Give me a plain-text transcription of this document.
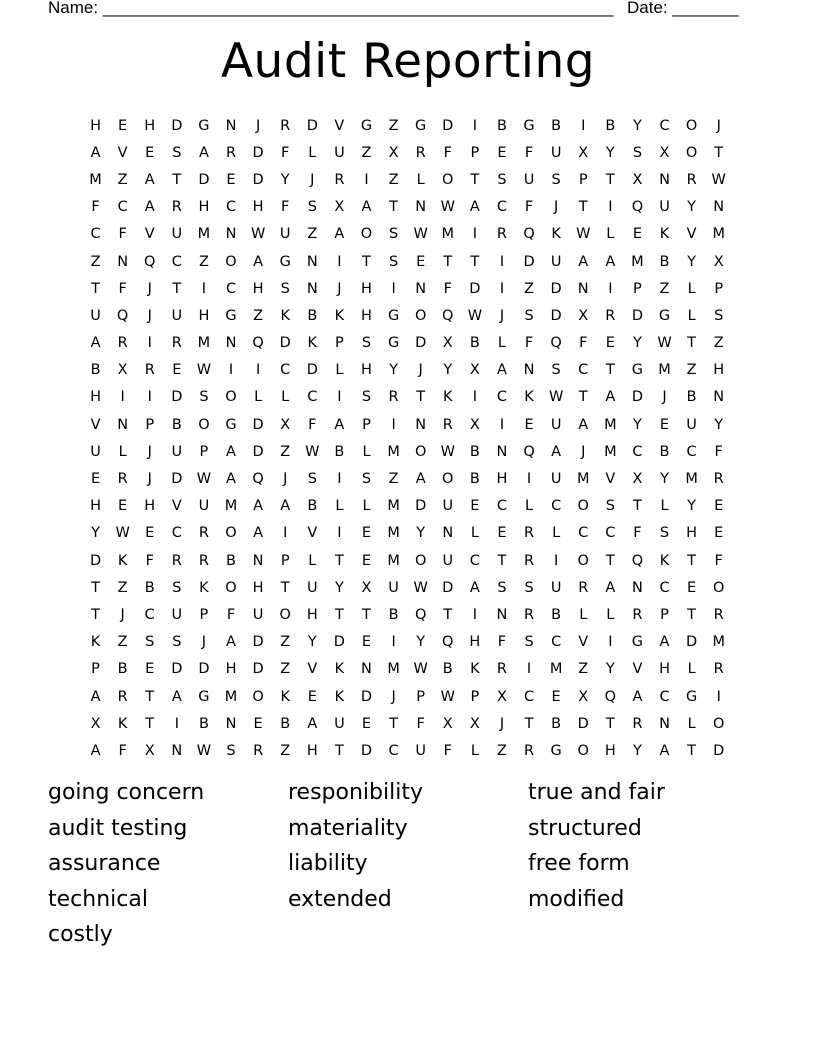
Name: ______________________________________________________ Date: _______
Audit Reporting
H	E	H	D	G	N	J	R	D	V	G	Z	G	D	I	B	G	B	I	B	Y	C	O	J
A	V	E	S	A	R	D	F	L	U	Z	X	R	F	P	E	F	U	X	Y	S	X	O	T
M	Z	A	T	D	E	D	Y	J	R	I	Z	L	O	T	S	U	S	P	T	X	N	R	W
F	C	A	R	H	C	H	F	S	X	A	T	N	W	A	C	F	J	T	I	Q	U	Y	N
C	F	V	U	M	N	W	U	Z	A	O	S	W M	I	R	Q	K	W	L	E	K	V	M
Z	N	Q	C	Z	O	A	G	N	I	T	S	E	T	T	I	D	U	A	A	M	B	Y	X
T	F	J	T	I	C	H	S	N	J	H	I	N	F	D	I	Z	D	N	I	P	Z	L	P
U	Q	J	U	H	G	Z	K	B	K	H	G	O	Q W	J	S	D	X	R	D	G	L	S
A	R	I	R	M	N	Q	D	K	P	S	G	D	X	B	L	F	Q	F	E	Y	W	T	Z
B	X	R	E	W	I	I	C	D	L	H	Y	J	Y	X	A	N	S	C	T	G	M	Z	H
H	I	I	D	S	O	L	L	C	I	S	R	T	K	I	C	K	W	T	A	D	J	B	N
V	N	P	B	O	G	D	X	F	A	P	I	N	R	X	I	E	U	A	M	Y	E	U	Y
U	L	J	U	P	A	D	Z	W	B	L	M	O W	B	N	Q	A	J	M	C	B	C	F
E	R	J	D W	A	Q	J	S	I	S	Z	A	O	B	H	I	U	M	V	X	Y	M	R
H	E	H	V	U	M	A	A	B	L	L	M	D	U	E	C	L	C	O	S	T	L	Y	E
Y	W	E	C	R	O	A	I	V	I	E	M	Y	N	L	E	R	L	C	C	F	S	H	E
D	K	F	R	R	B	N	P	L	T	E	M	O	U	C	T	R	I	O	T	Q	K	T	F
T	Z	B	S	K	O	H	T	U	Y	X	U	W D	A	S	S	U	R	A	N	C	E	O
T	J	C	U	P	F	U	O	H	T	T	B	Q	T	I	N	R	B	L	L	R	P	T	R
K	Z	S	S	J	A	D	Z	Y	D	E	I	Y	Q	H	F	S	C	V	I	G	A	D	M
P	B	E	D	D	H	D	Z	V	K	N	M W	B	K	R	I	M	Z	Y	V	H	L	R
A	R	T	A	G	M	O	K	E	K	D	J	P	W	P	X	C	E	X	Q	A	C	G	I
X	K	T	I	B	N	E	B	A	U	E	T	F	X	X	J	T	B	D	T	R	N	L	O
A	F	X	N	W	S	R	Z	H	T	D	C	U	F	L	Z	R	G	O	H	Y	A	T	D
going concern	responibility	true and fair
audit testing	materiality	structured
assurance	liability	free form
technical	extended	modified
costly
